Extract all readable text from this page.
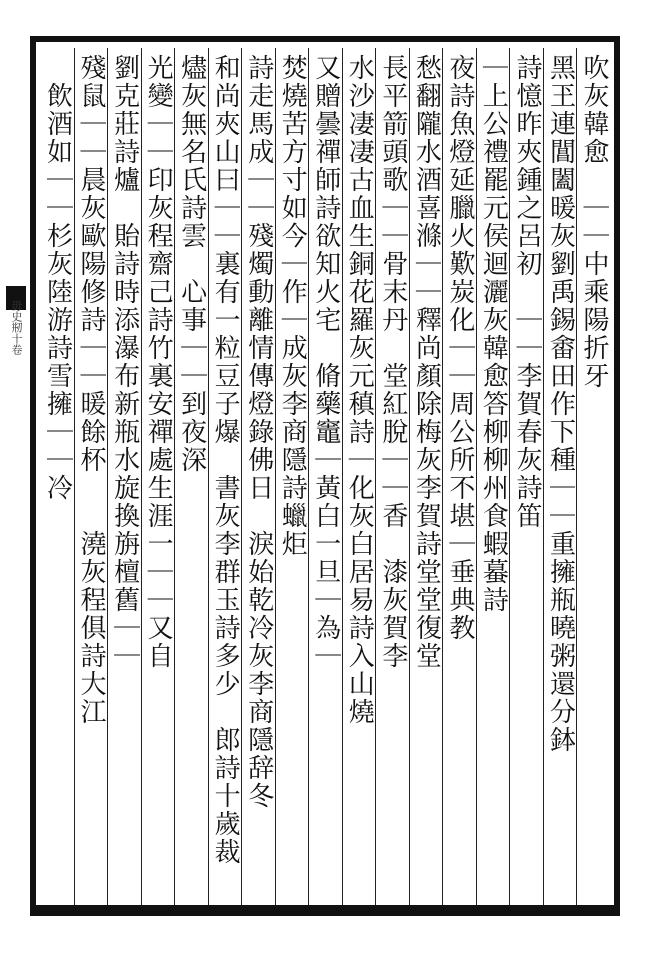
毋史剏十卷	吹灰韓愈　｜｜中乘陽折牙
黑玊連閶闔暖灰劉禹錫畬田作下種｜｜重擁瓶曉粥還分鉢
詩憶昨夾鍾之呂初　｜｜李賀春灰詩笛
｜上公禮罷元侯迴灑灰韓愈答柳柳州食蝦蟇詩
夜詩魚燈延臘火歎炭化｜｜周公所不堪｜垂典教
愁翻隴水酒喜滌｜｜釋尚顏除梅灰李賀詩堂堂復堂
長平箭頭歌｜｜骨末丹　堂紅脫｜｜香　漆灰賀李
水沙凄凄古血生銅花羅灰元稹詩｜化灰白居易詩入山燒
又贈曇禪師詩欲知火宅　脩藥竈｜黃白一旦｜為｜
焚燒苦方寸如今｜作｜成灰李商隱詩蠟炬
詩走馬成｜｜殘燭動離情傳燈錄佛日　淚始乾冷灰李商隱辞冬
和尚夾山曰｜｜裏有一粒豆子爆　書灰李群玉詩多少　郎詩十歲裁
燼灰無名氏詩雲　心事｜｜到夜深
光變｜｜印灰程齋己詩竹裏安禪處生涯一｜｜又自
劉克莊詩爐　貽詩時添瀑布新瓶水旋換旃檀舊｜｜
殘鼠｜｜晨灰歐陽修詩｜｜暖餘杯　　澆灰程俱詩大江
　飲酒如｜｜杉灰陸游詩雪擁｜｜冷
